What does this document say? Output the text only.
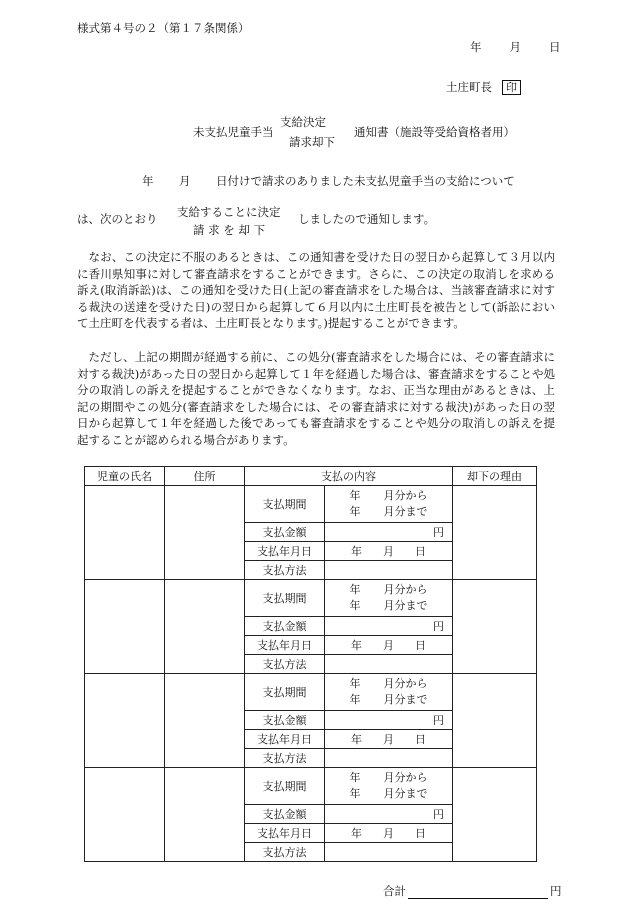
様式第４号の２（第１７条関係）
年 月 日
土庄町長 印
未支払児童手当
支給決定
請求却下
通知書（施設等受給資格者用）
年 月 日付けで請求のありました未支払児童手当の支給について
は、次のとおり 支給することに決定
請 求 を 却 下
しましたので通知します。

なお、この決定に不服のあるときは、この通知書を受けた日の翌日から起算して３月以内に香川県知事に対して審査請求をすることができます。さらに、この決定の取消しを求める訴え(取消訴訟)は、この通知を受けた日(上記の審査請求をした場合は、当該審査請求に対する裁決の送達を受けた日)の翌日から起算して６月以内に土庄町長を被告として(訴訟において土庄町を代表する者は、土庄町長となります。)提起することができます。

ただし、上記の期間が経過する前に、この処分(審査請求をした場合には、その審査請求に対する裁決)があった日の翌日から起算して１年を経過した場合は、審査請求をすることや処分の取消しの訴えを提起することができなくなります。なお、正当な理由があるときは、上記の期間やこの処分(審査請求をした場合には、その審査請求に対する裁決)があった日の翌日から起算して１年を経過した後であっても審査請求をすることや処分の取消しの訴えを提起することが認められる場合があります。

児童の氏名	住所	支払の内容		却下の理由
		支払期間	年 月分から
年 月分まで	

		支払金額	円	
		支払年月日	年 月 日	
		支払方法		
		支払期間	年 月分から
年 月分まで	

		支払金額	円	
		支払年月日	年 月 日	
		支払方法		
		支払期間	年 月分から
年 月分まで	

		支払金額	円	
		支払年月日	年 月 日	
		支払方法		
		支払期間	年 月分から
年 月分まで	

		支払金額	円	
		支払年月日	年 月 日	
		支払方法		
合計	円
